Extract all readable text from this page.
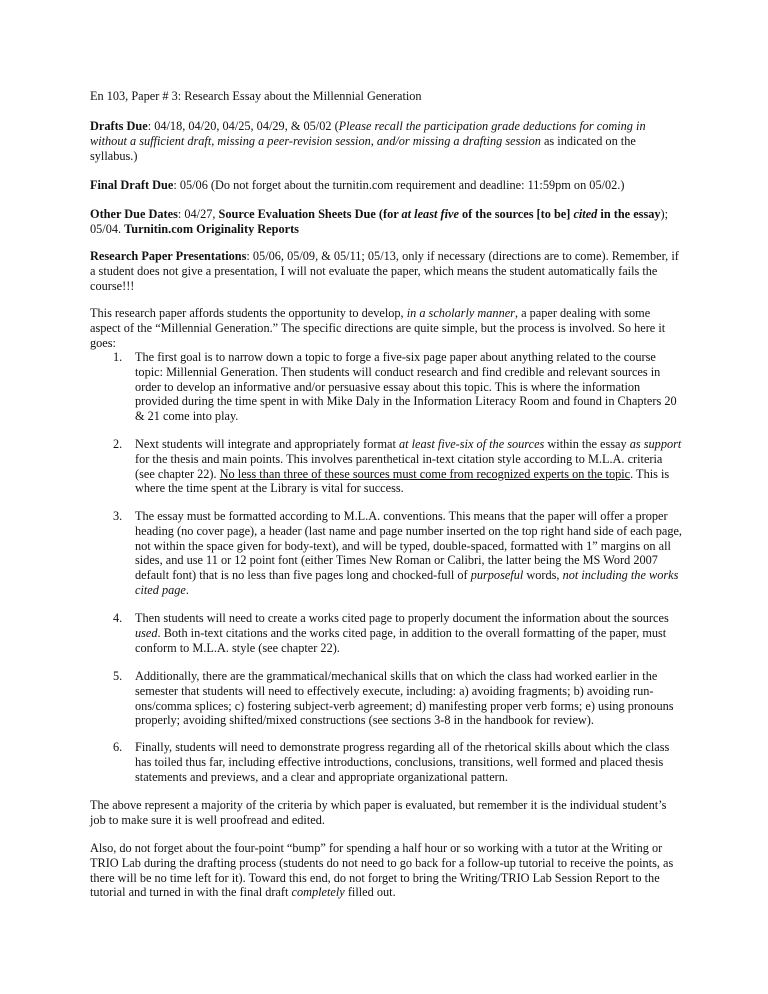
En 103, Paper # 3: Research Essay about the Millennial Generation

Drafts Due: 04/18, 04/20, 04/25, 04/29, & 05/02 (Please recall the participation grade deductions for coming in without a sufficient draft, missing a peer-revision session, and/or missing a drafting session as indicated on the syllabus.)

Final Draft Due: 05/06 (Do not forget about the turnitin.com requirement and deadline: 11:59pm on 05/02.)

Other Due Dates: 04/27, Source Evaluation Sheets Due (for at least five of the sources [to be] cited in the essay); 05/04. Turnitin.com Originality Reports

Research Paper Presentations: 05/06, 05/09, & 05/11; 05/13, only if necessary (directions are to come). Remember, if a student does not give a presentation, I will not evaluate the paper, which means the student automatically fails the course!!!

This research paper affords students the opportunity to develop, in a scholarly manner, a paper dealing with some aspect of the “Millennial Generation.” The specific directions are quite simple, but the process is involved. So here it goes:

1. The first goal is to narrow down a topic to forge a five-six page paper about anything related to the course topic: Millennial Generation. Then students will conduct research and find credible and relevant sources in order to develop an informative and/or persuasive essay about this topic. This is where the information provided during the time spent in with Mike Daly in the Information Literacy Room and found in Chapters 20 & 21 come into play.

2. Next students will integrate and appropriately format at least five-six of the sources within the essay as support for the thesis and main points. This involves parenthetical in-text citation style according to M.L.A. criteria (see chapter 22). No less than three of these sources must come from recognized experts on the topic. This is where the time spent at the Library is vital for success.

3. The essay must be formatted according to M.L.A. conventions. This means that the paper will offer a proper heading (no cover page), a header (last name and page number inserted on the top right hand side of each page, not within the space given for body-text), and will be typed, double-spaced, formatted with 1” margins on all sides, and use 11 or 12 point font (either Times New Roman or Calibri, the latter being the MS Word 2007 default font) that is no less than five pages long and chocked-full of purposeful words, not including the works cited page.

4. Then students will need to create a works cited page to properly document the information about the sources used. Both in-text citations and the works cited page, in addition to the overall formatting of the paper, must conform to M.L.A. style (see chapter 22).

5. Additionally, there are the grammatical/mechanical skills that on which the class had worked earlier in the semester that students will need to effectively execute, including: a) avoiding fragments; b) avoiding run-ons/comma splices; c) fostering subject-verb agreement; d) manifesting proper verb forms; e) using pronouns properly; avoiding shifted/mixed constructions (see sections 3-8 in the handbook for review).

6. Finally, students will need to demonstrate progress regarding all of the rhetorical skills about which the class has toiled thus far, including effective introductions, conclusions, transitions, well formed and placed thesis statements and previews, and a clear and appropriate organizational pattern.

The above represent a majority of the criteria by which paper is evaluated, but remember it is the individual student’s job to make sure it is well proofread and edited.

Also, do not forget about the four-point “bump” for spending a half hour or so working with a tutor at the Writing or TRIO Lab during the drafting process (students do not need to go back for a follow-up tutorial to receive the points, as there will be no time left for it). Toward this end, do not forget to bring the Writing/TRIO Lab Session Report to the tutorial and turned in with the final draft completely filled out.
